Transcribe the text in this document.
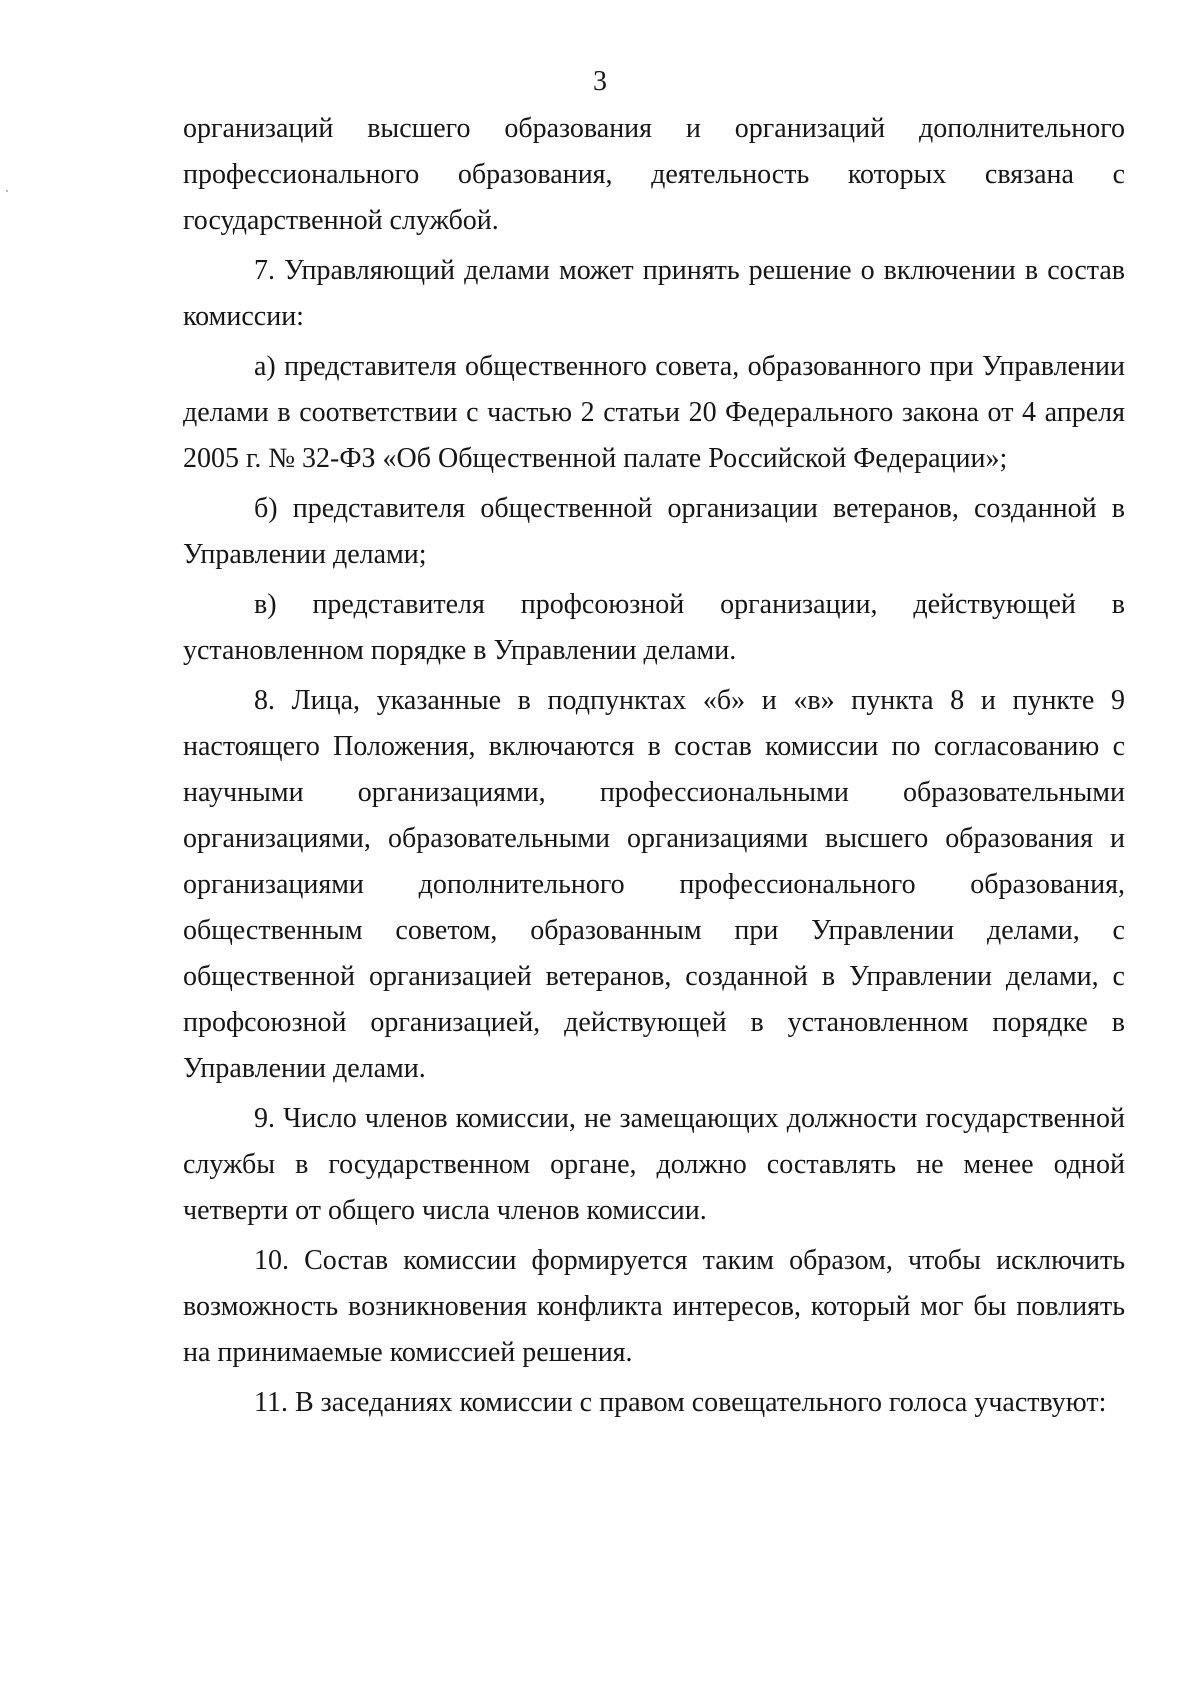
3

организаций высшего образования и организаций дополнительного профессионального образования, деятельность которых связана с государственной службой.

7. Управляющий делами может принять решение о включении в состав комиссии:

а) представителя общественного совета, образованного при Управлении делами в соответствии с частью 2 статьи 20 Федерального закона от 4 апреля 2005 г. № 32-ФЗ «Об Общественной палате Российской Федерации»;

б) представителя общественной организации ветеранов, созданной в Управлении делами;

в) представителя профсоюзной организации, действующей в установленном порядке в Управлении делами.

8. Лица, указанные в подпунктах «б» и «в» пункта 8 и пункте 9 настоящего Положения, включаются в состав комиссии по согласованию с научными организациями, профессиональными образовательными организациями, образовательными организациями высшего образования и организациями дополнительного профессионального образования, общественным советом, образованным при Управлении делами, с общественной организацией ветеранов, созданной в Управлении делами, с профсоюзной организацией, действующей в установленном порядке в Управлении делами.

9. Число членов комиссии, не замещающих должности государственной службы в государственном органе, должно составлять не менее одной четверти от общего числа членов комиссии.

10. Состав комиссии формируется таким образом, чтобы исключить возможность возникновения конфликта интересов, который мог бы повлиять на принимаемые комиссией решения.

11. В заседаниях комиссии с правом совещательного голоса участвуют:
